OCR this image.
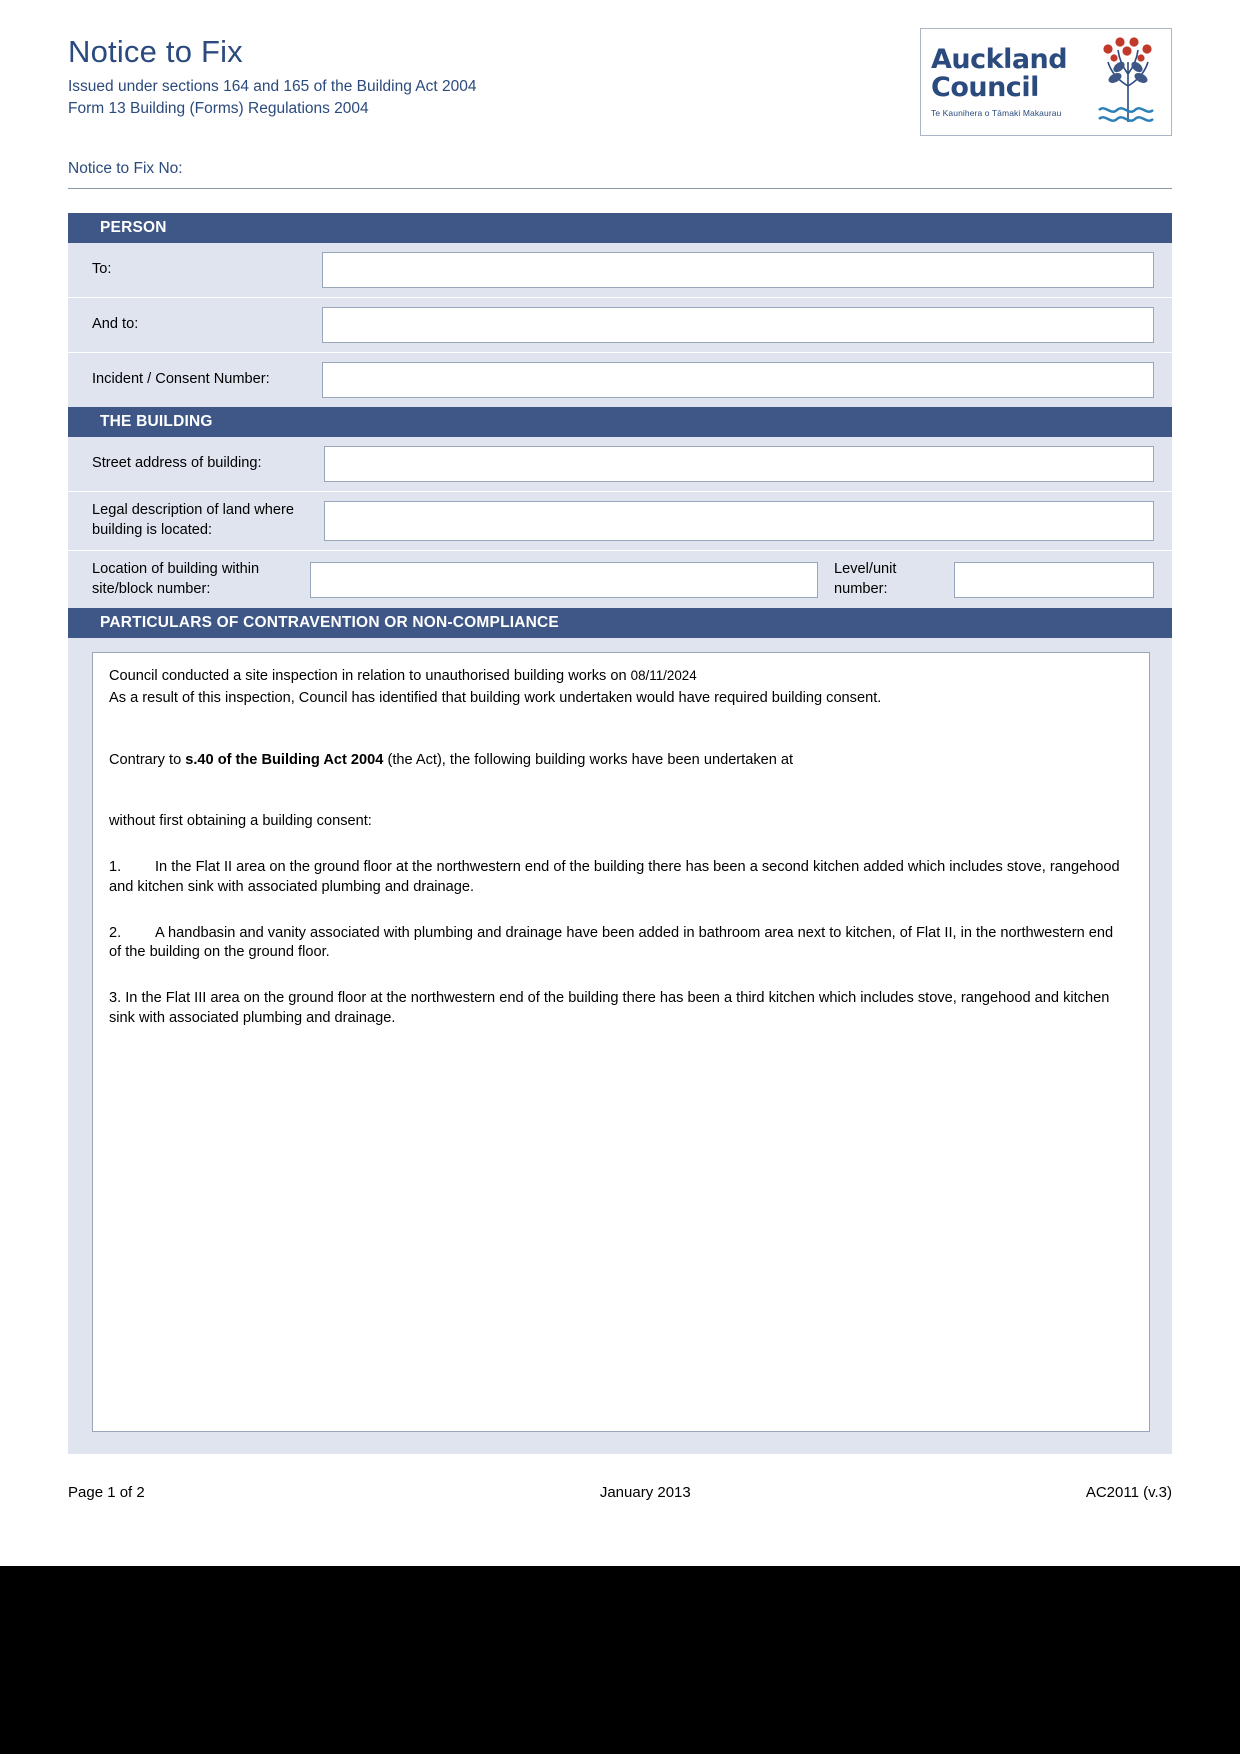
Notice to Fix
Issued under sections 164 and 165 of the Building Act 2004
Form 13 Building (Forms) Regulations 2004
Auckland
Council
Te Kaunihera o Tāmaki Makaurau
Notice to Fix No:
PERSON
To:
And to:
Incident / Consent Number:
THE BUILDING
Street address of building:
Legal description of land where building is located:
Location of building within site/block number:
Level/unit number:
PARTICULARS OF CONTRAVENTION OR NON-COMPLIANCE

Council conducted a site inspection in relation to unauthorised building works on 08/11/2024

As a result of this inspection, Council has identified that building work undertaken would have required building consent.

Contrary to s.40 of the Building Act 2004 (the Act), the following building works have been undertaken at

without first obtaining a building consent:

1. In the Flat II area on the ground floor at the northwestern end of the building there has been a second kitchen added which includes stove, rangehood and kitchen sink with associated plumbing and drainage.

2. A handbasin and vanity associated with plumbing and drainage have been added in bathroom area next to kitchen, of Flat II, in the northwestern end of the building on the ground floor.

3. In the Flat III area on the ground floor at the northwestern end of the building there has been a third kitchen which includes stove, rangehood and kitchen sink with associated plumbing and drainage.

Page 1 of 2	January 2013	AC2011 (v.3)
